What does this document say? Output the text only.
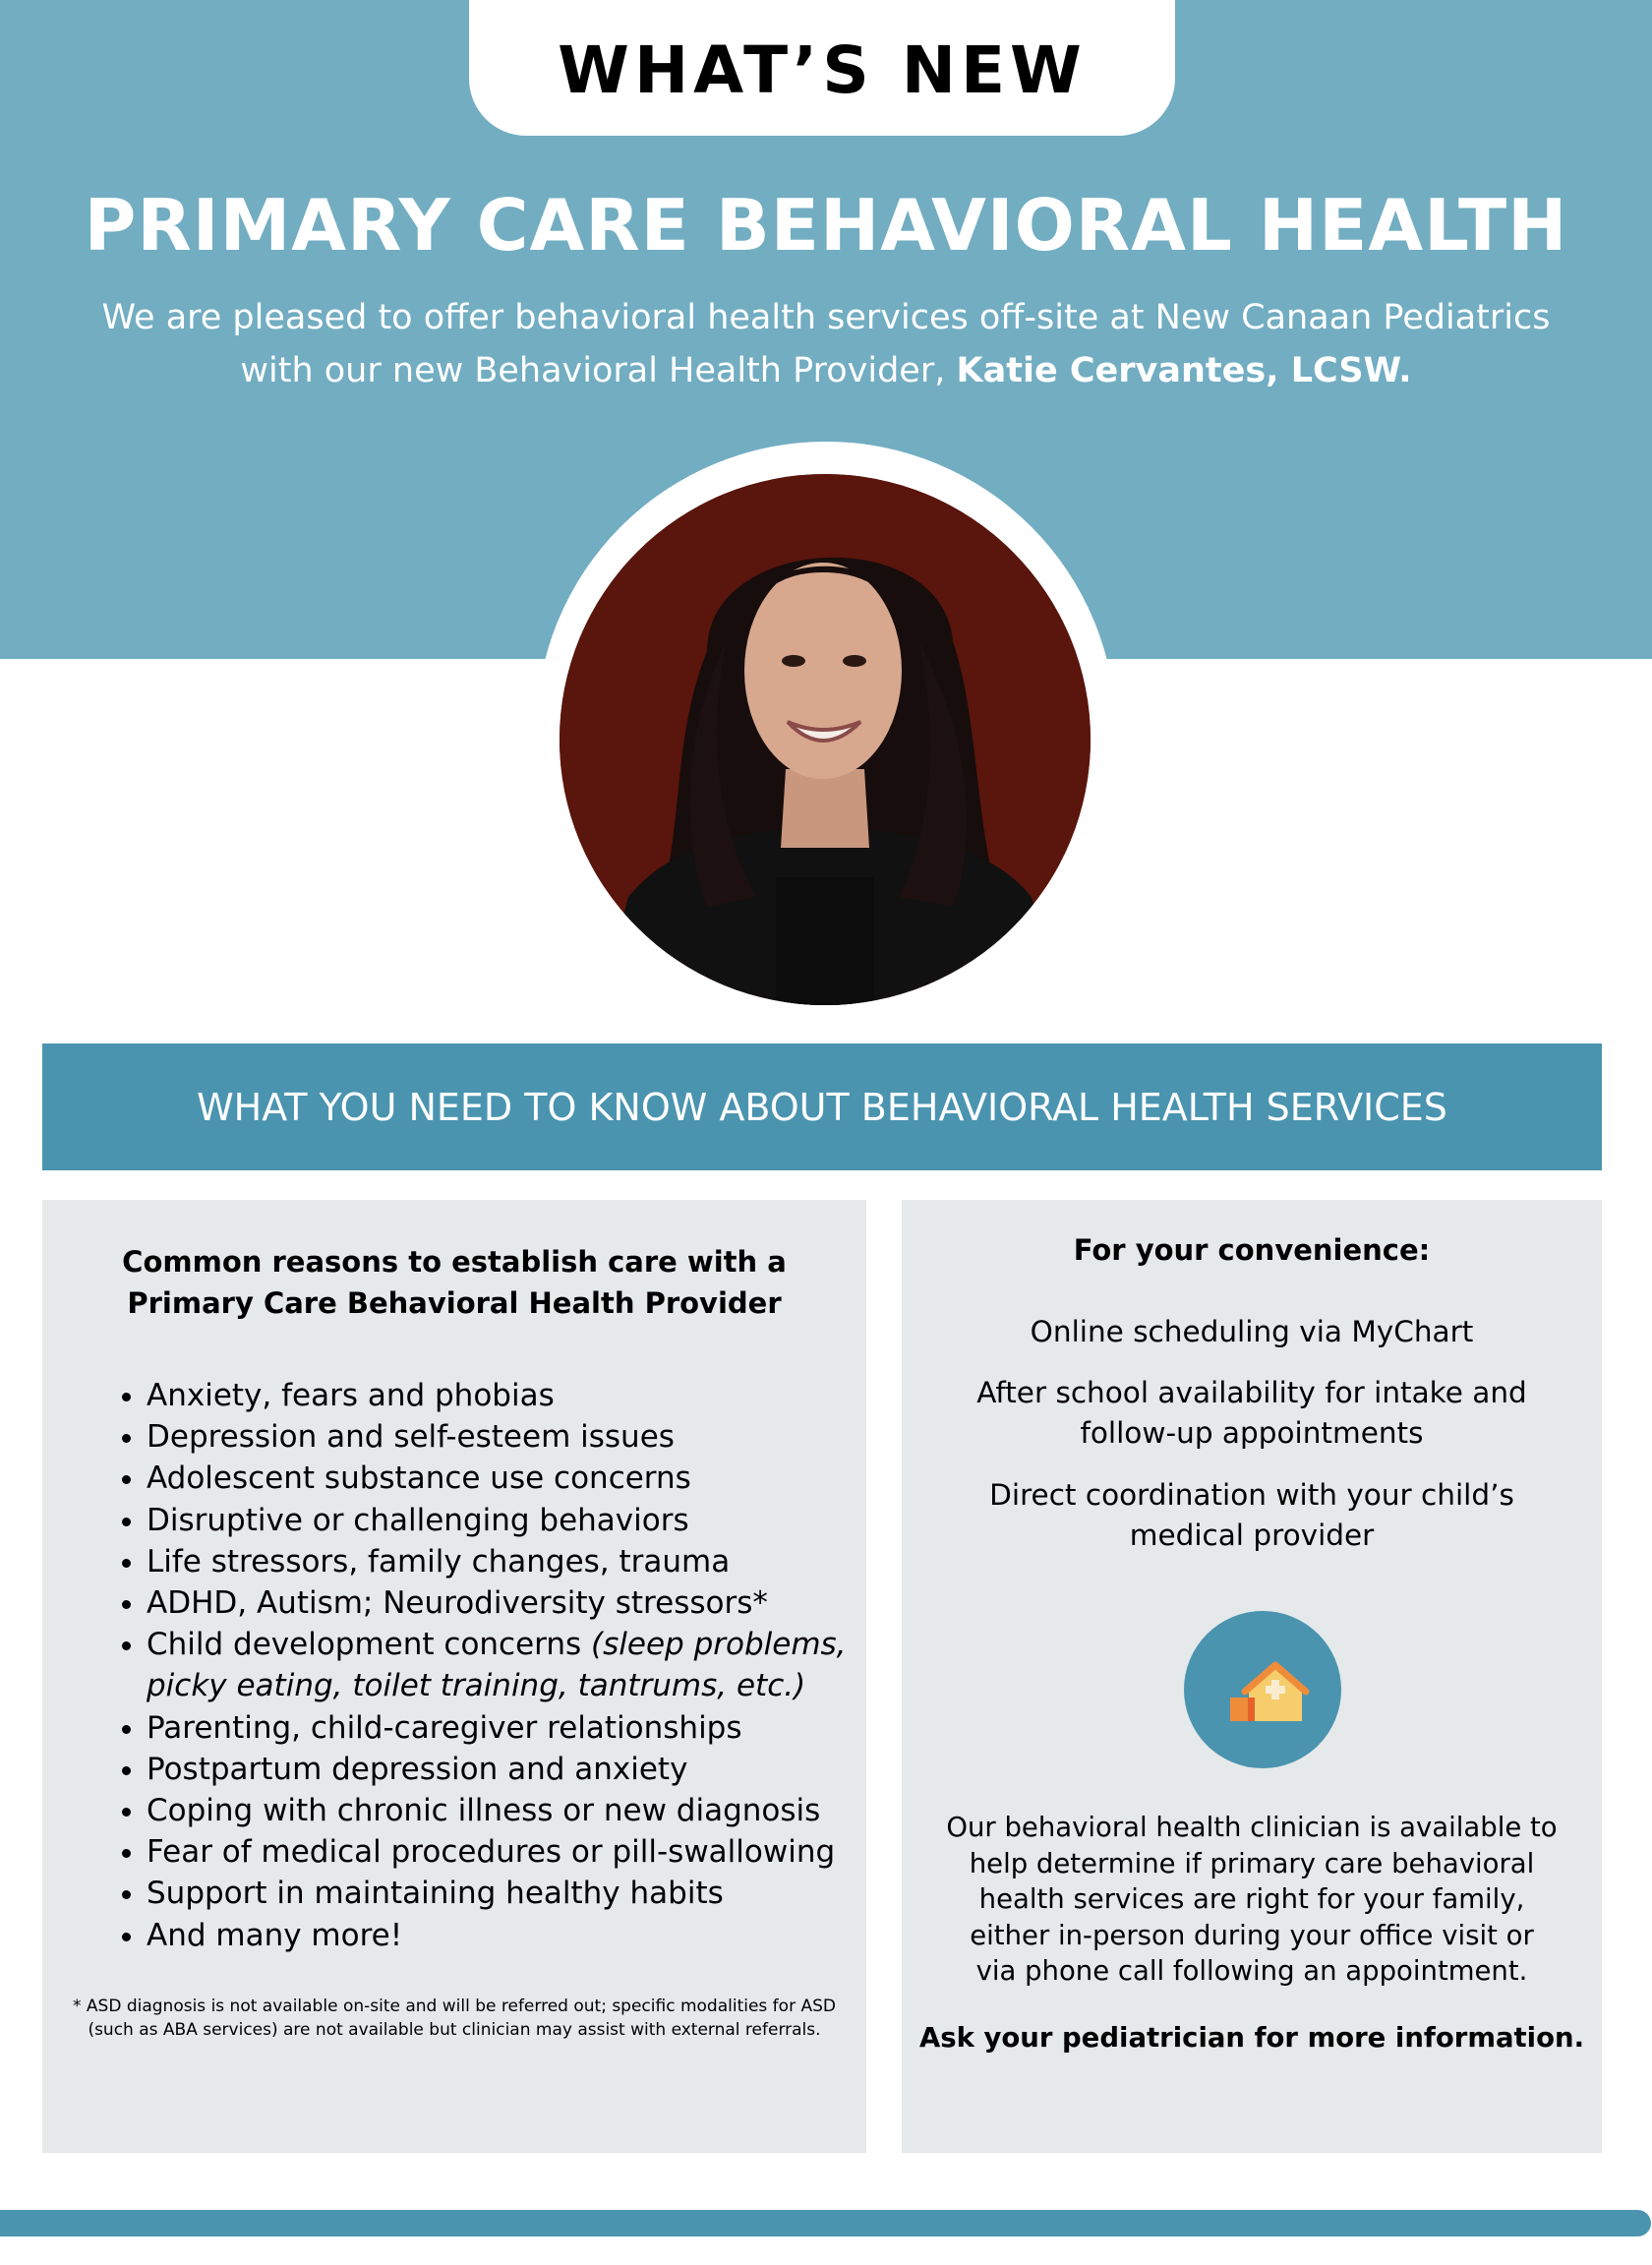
WHAT’S NEW
PRIMARY CARE BEHAVIORAL HEALTH
We are pleased to offer behavioral health services off-site at New Canaan Pediatrics
with our new Behavioral Health Provider, Katie Cervantes, LCSW.
WHAT YOU NEED TO KNOW ABOUT BEHAVIORAL HEALTH SERVICES
Common reasons to establish care with a
Primary Care Behavioral Health Provider
• Anxiety, fears and phobias
• Depression and self-esteem issues
• Adolescent substance use concerns
• Disruptive or challenging behaviors
• Life stressors, family changes, trauma
• ADHD, Autism; Neurodiversity stressors*
• Child development concerns (sleep problems, picky eating, toilet training, tantrums, etc.)
• Parenting, child-caregiver relationships
• Postpartum depression and anxiety
• Coping with chronic illness or new diagnosis
• Fear of medical procedures or pill-swallowing
• Support in maintaining healthy habits
• And many more!
* ASD diagnosis is not available on-site and will be referred out; specific modalities for ASD
(such as ABA services) are not available but clinician may assist with external referrals.
For your convenience:
Online scheduling via MyChart
After school availability for intake and
follow-up appointments
Direct coordination with your child’s
medical provider
Our behavioral health clinician is available to
help determine if primary care behavioral
health services are right for your family,
either in-person during your office visit or
via phone call following an appointment.
Ask your pediatrician for more information.
